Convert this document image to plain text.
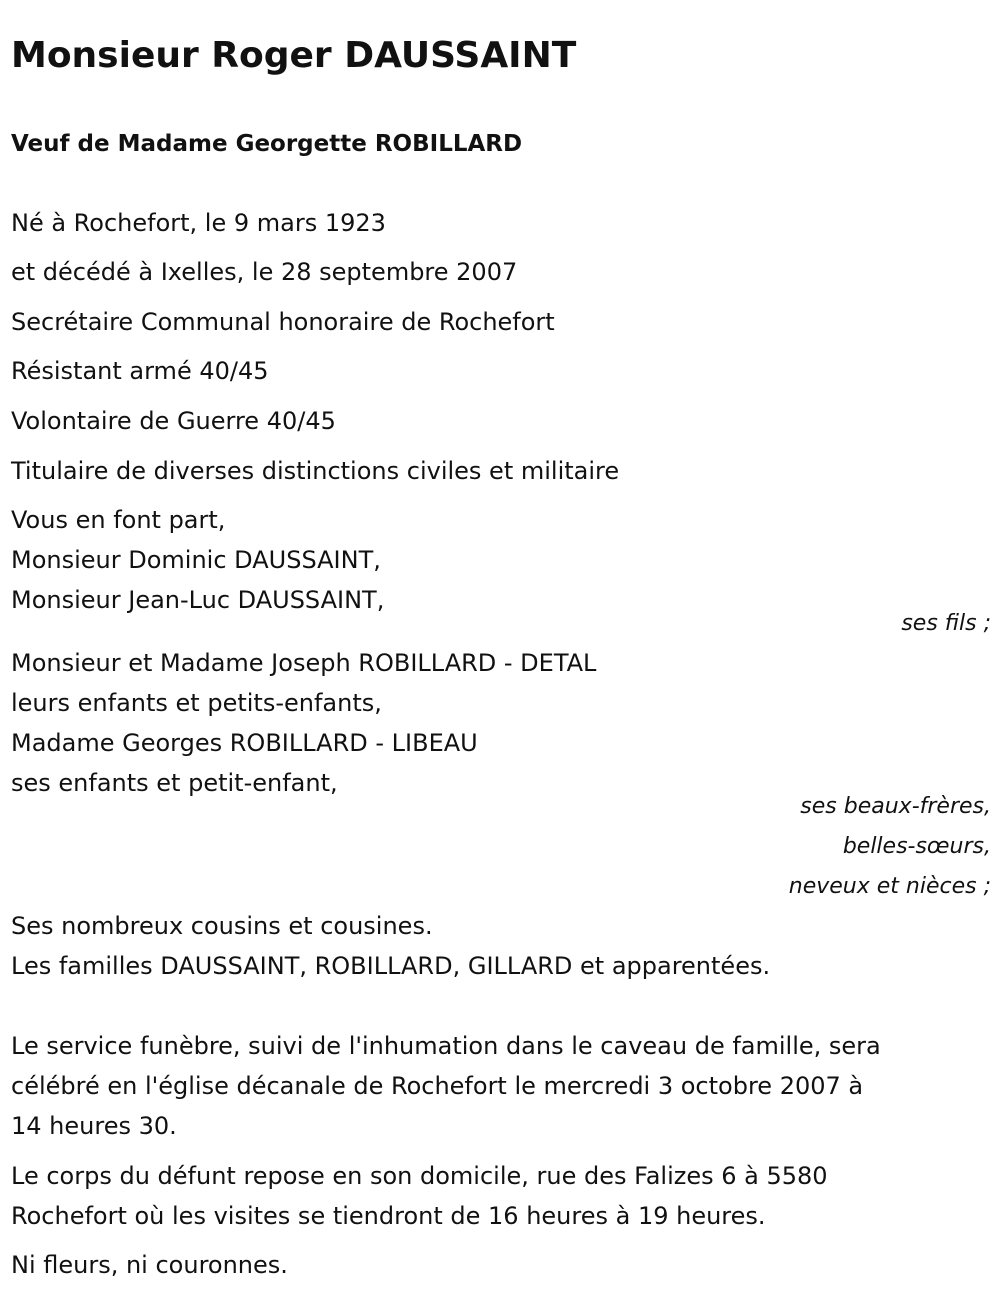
Monsieur Roger DAUSSAINT
Veuf de Madame Georgette ROBILLARD
Né à Rochefort, le 9 mars 1923
et décédé à Ixelles, le 28 septembre 2007
Secrétaire Communal honoraire de Rochefort
Résistant armé 40/45
Volontaire de Guerre 40/45
Titulaire de diverses distinctions civiles et militaire
Vous en font part,
Monsieur Dominic DAUSSAINT,
Monsieur Jean-Luc DAUSSAINT,
ses fils ;
Monsieur et Madame Joseph ROBILLARD - DETAL
leurs enfants et petits-enfants,
Madame Georges ROBILLARD - LIBEAU
ses enfants et petit-enfant,
ses beaux-frères,
belles-sœurs,
neveux et nièces ;
Ses nombreux cousins et cousines.
Les familles DAUSSAINT, ROBILLARD, GILLARD et apparentées.
Le service funèbre, suivi de l'inhumation dans le caveau de famille, sera
célébré en l'église décanale de Rochefort le mercredi 3 octobre 2007 à
14 heures 30.
Le corps du défunt repose en son domicile, rue des Falizes 6 à 5580
Rochefort où les visites se tiendront de 16 heures à 19 heures.
Ni fleurs, ni couronnes.
